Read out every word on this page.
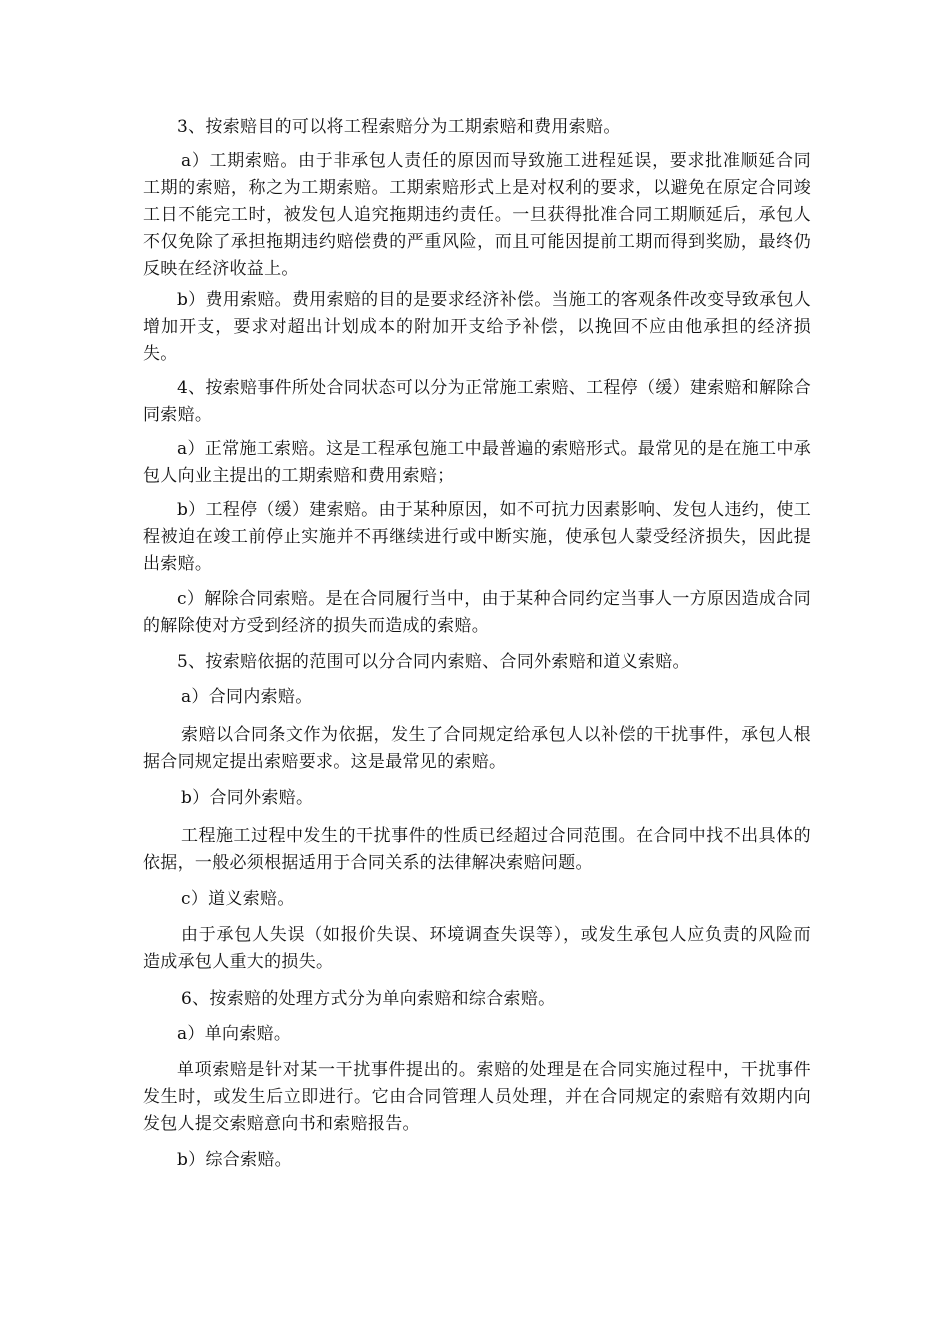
3、按索赔目的可以将工程索赔分为工期索赔和费用索赔。

a）工期索赔。由于非承包人责任的原因而导致施工进程延误，要求批准顺延合同工期的索赔，称之为工期索赔。工期索赔形式上是对权利的要求，以避免在原定合同竣工日不能完工时，被发包人追究拖期违约责任。一旦获得批准合同工期顺延后，承包人不仅免除了承担拖期违约赔偿费的严重风险，而且可能因提前工期而得到奖励，最终仍反映在经济收益上。

b）费用索赔。费用索赔的目的是要求经济补偿。当施工的客观条件改变导致承包人增加开支，要求对超出计划成本的附加开支给予补偿，以挽回不应由他承担的经济损失。

4、按索赔事件所处合同状态可以分为正常施工索赔、工程停（缓）建索赔和解除合同索赔。

a）正常施工索赔。这是工程承包施工中最普遍的索赔形式。最常见的是在施工中承包人向业主提出的工期索赔和费用索赔；

b）工程停（缓）建索赔。由于某种原因，如不可抗力因素影响、发包人违约，使工程被迫在竣工前停止实施并不再继续进行或中断实施，使承包人蒙受经济损失，因此提出索赔。

c）解除合同索赔。是在合同履行当中，由于某种合同约定当事人一方原因造成合同的解除使对方受到经济的损失而造成的索赔。

5、按索赔依据的范围可以分合同内索赔、合同外索赔和道义索赔。

a）合同内索赔。

索赔以合同条文作为依据，发生了合同规定给承包人以补偿的干扰事件，承包人根据合同规定提出索赔要求。这是最常见的索赔。

b）合同外索赔。

工程施工过程中发生的干扰事件的性质已经超过合同范围。在合同中找不出具体的依据，一般必须根据适用于合同关系的法律解决索赔问题。

c）道义索赔。

由于承包人失误（如报价失误、环境调查失误等），或发生承包人应负责的风险而造成承包人重大的损失。

6、按索赔的处理方式分为单向索赔和综合索赔。

a）单向索赔。

单项索赔是针对某一干扰事件提出的。索赔的处理是在合同实施过程中，干扰事件发生时，或发生后立即进行。它由合同管理人员处理，并在合同规定的索赔有效期内向发包人提交索赔意向书和索赔报告。

b）综合索赔。
